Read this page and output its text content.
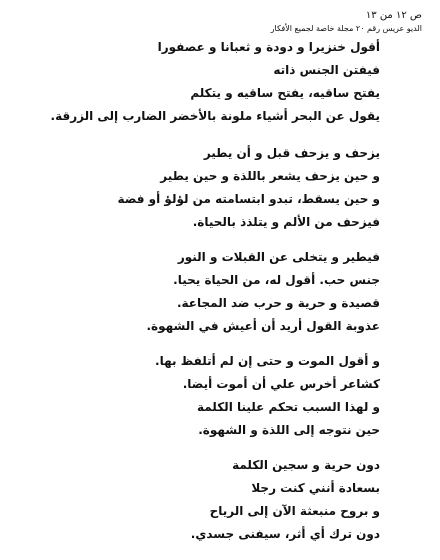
ص ١٢ من ١٣
الديو عريس رقم ٢٠ مجلة خاصة لجميع الأفكار
أقول خنزيرا و دودة و ثعبانا و عصفورا
فيفتن الجنس ذاته
يفتح ساقيه، يفتح ساقيه و يتكلم
يقول عن البحر أشياء ملونة بالأخضر الضارب إلى الزرقة.
يزحف و يزحف قبل و أن يطير
و حين يزحف يشعر باللذة و حين يطير
و حين يسقط، تبدو ابتسامته من لؤلؤ أو فضة
فيزحف من الألم و يتلذذ بالحياة.
فيطير و يتخلى عن القبلات و النور
جنس حب. أقول له، من الحياة يحيا.
قصيدة و حرية و حرب ضد المجاعة.
عذوبة القول أريد أن أعيش في الشهوة.
و أقول الموت و حتى إن لم أتلفظ بها.
كشاعر أخرس علي أن أموت أيضا.
و لهذا السبب تحكم علينا الكلمة
حين نتوجه إلى اللذة و الشهوة.
دون حرية و سجين الكلمة
بسعادة أنني كنت رجلا
و بروح منبعثة الآن إلى الرياح
دون ترك أي أثر، سيفنى جسدي.
